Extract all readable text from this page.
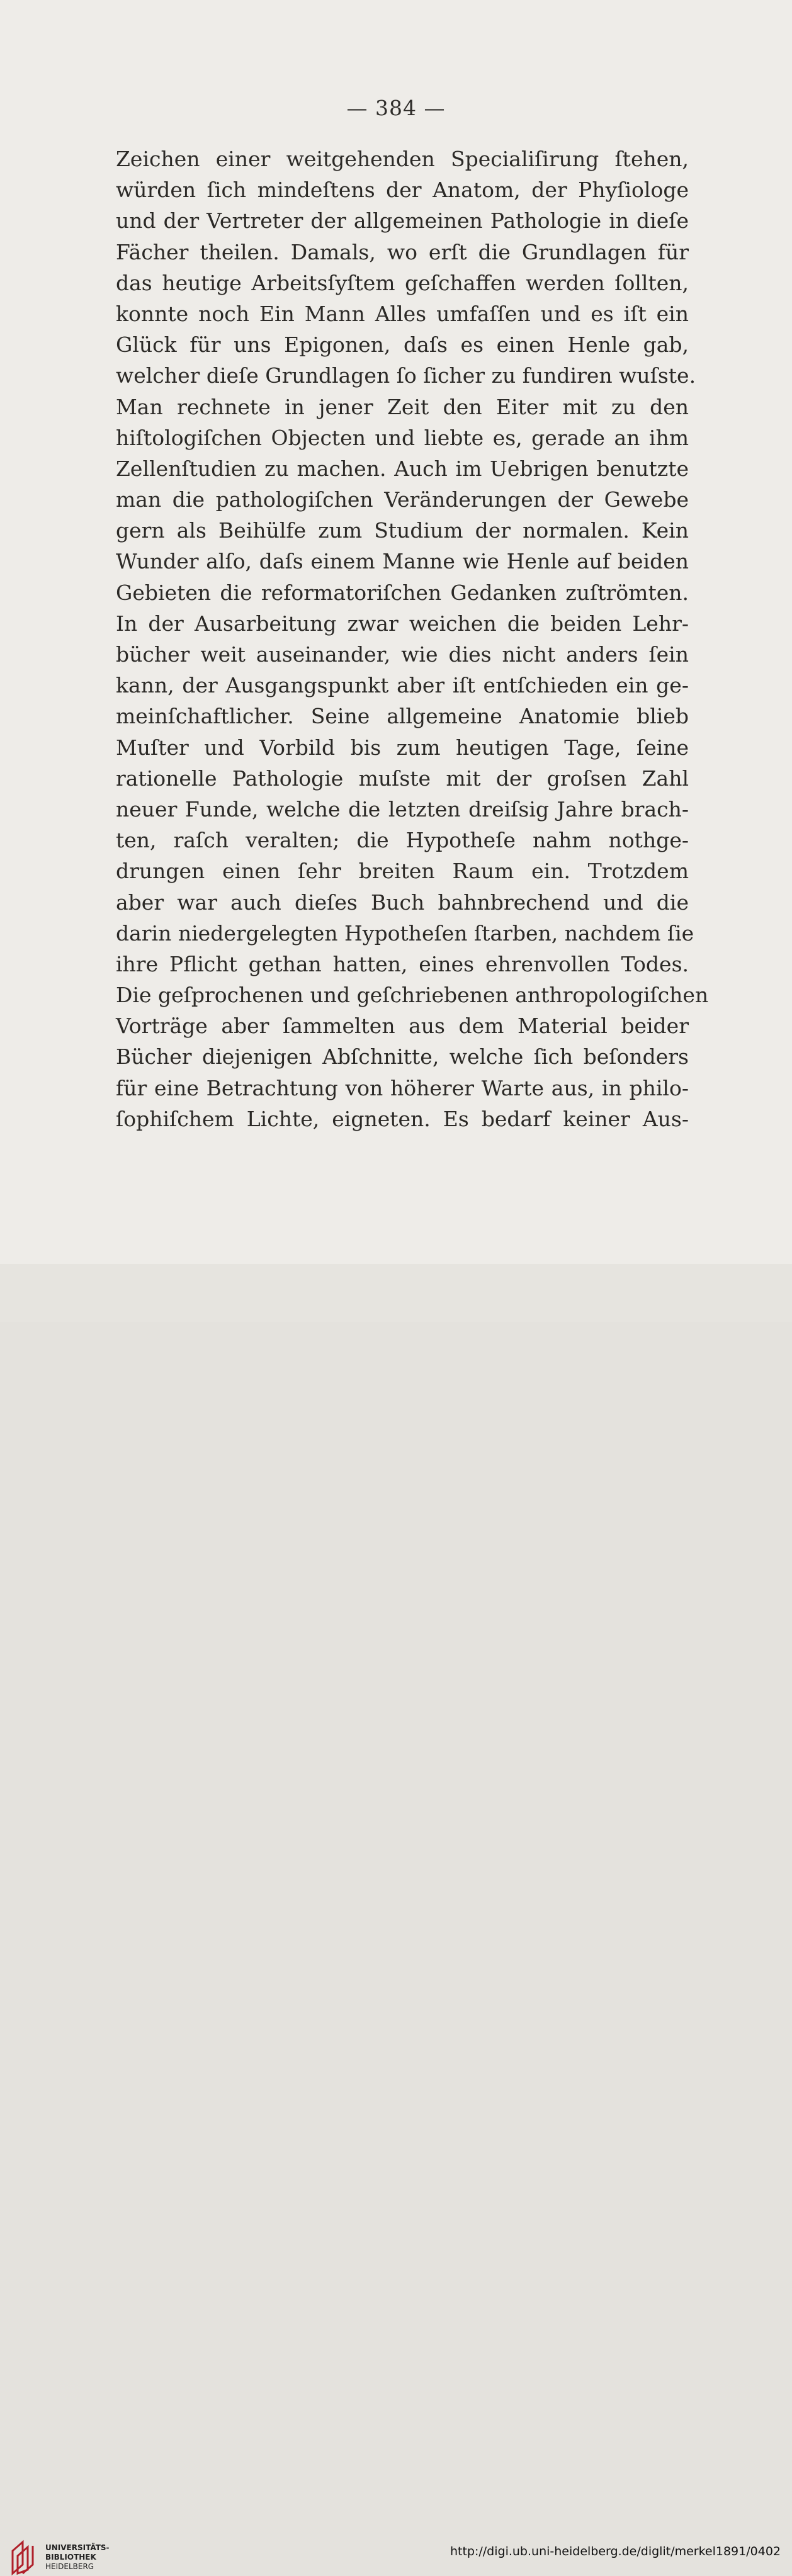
— 384 —
Zeichen einer weitgehenden Specialiſirung ſtehen,
würden ſich mindeſtens der Anatom, der Phyſiologe
und der Vertreter der allgemeinen Pathologie in dieſe
Fächer theilen. Damals, wo erſt die Grundlagen für
das heutige Arbeitsſyſtem geſchaffen werden ſollten,
konnte noch Ein Mann Alles umfaſſen und es iſt ein
Glück für uns Epigonen, daſs es einen Henle gab,
welcher dieſe Grundlagen ſo ſicher zu fundiren wuſste.
Man rechnete in jener Zeit den Eiter mit zu den
hiſtologiſchen Objecten und liebte es, gerade an ihm
Zellenſtudien zu machen. Auch im Uebrigen benutzte
man die pathologiſchen Veränderungen der Gewebe
gern als Beihülfe zum Studium der normalen. Kein
Wunder alſo, daſs einem Manne wie Henle auf beiden
Gebieten die reformatoriſchen Gedanken zuſtrömten.
In der Ausarbeitung zwar weichen die beiden Lehr-
bücher weit auseinander, wie dies nicht anders ſein
kann, der Ausgangspunkt aber iſt entſchieden ein ge-
meinſchaftlicher. Seine allgemeine Anatomie blieb
Muſter und Vorbild bis zum heutigen Tage, ſeine
rationelle Pathologie muſste mit der groſsen Zahl
neuer Funde, welche die letzten dreiſsig Jahre brach-
ten, raſch veralten; die Hypotheſe nahm nothge-
drungen einen ſehr breiten Raum ein. Trotzdem
aber war auch dieſes Buch bahnbrechend und die
darin niedergelegten Hypotheſen ſtarben, nachdem ſie
ihre Pflicht gethan hatten, eines ehrenvollen Todes.
Die geſprochenen und geſchriebenen anthropologiſchen
Vorträge aber ſammelten aus dem Material beider
Bücher diejenigen Abſchnitte, welche ſich beſonders
für eine Betrachtung von höherer Warte aus, in philo-
ſophiſchem Lichte, eigneten. Es bedarf keiner Aus-
UNIVERSITÄTS-
BIBLIOTHEK
HEIDELBERG
http://digi.ub.uni-heidelberg.de/diglit/merkel1891/0402
